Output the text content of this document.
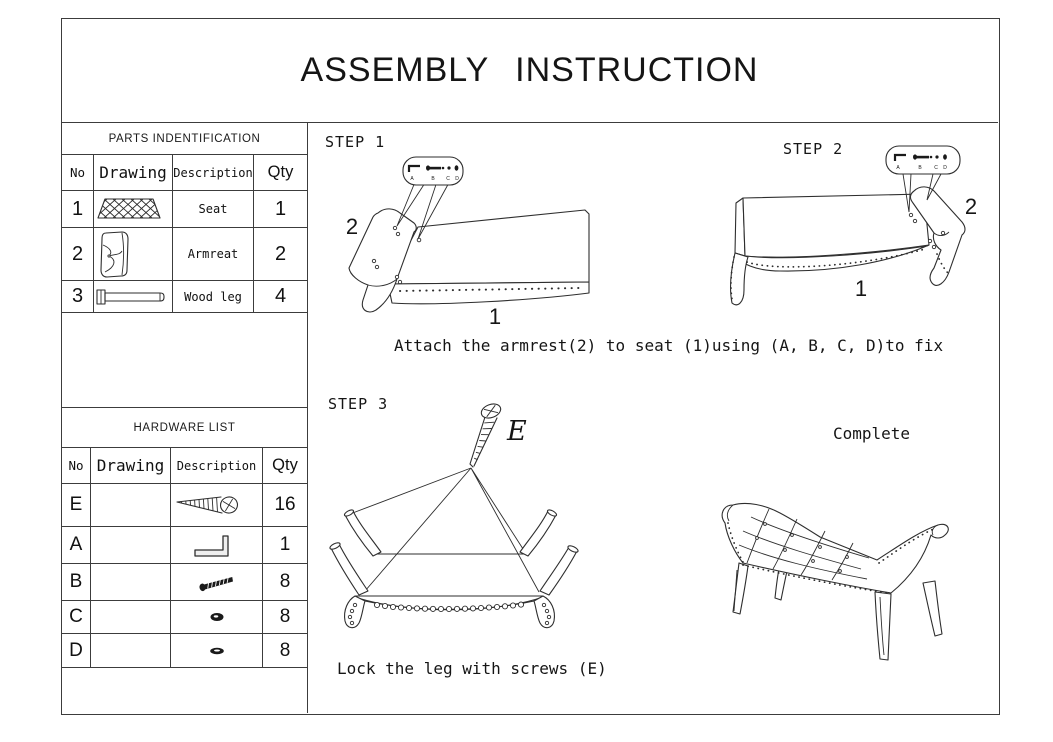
ASSEMBLY INSTRUCTION
PARTS INDENTIFICATION			
No	Drawing	Description	Qty
1		Seat	1
2		Armreat	2
3		Wood leg	4
HARDWARE LIST			
No	Drawing	Description	Qty
E			16
A			1
B			8
C			8
D			8
STEP 1
A	B C D
2
1
STEP 2
A	B	C D
2
1
Attach the armrest(2) to seat (1)using (A, B, C, D)to fix
STEP 3
E
Lock the leg with screws (E)
Complete
